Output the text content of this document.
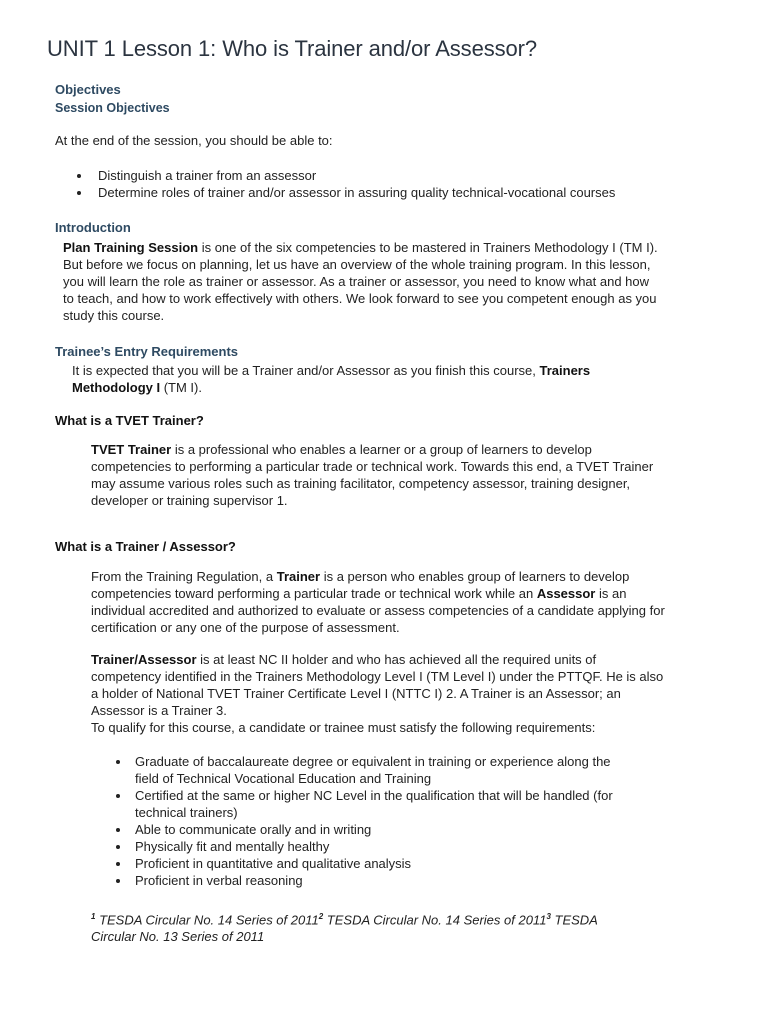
UNIT 1 Lesson 1: Who is Trainer and/or Assessor?
Objectives
Session Objectives
At the end of the session, you should be able to:
Distinguish a trainer from an assessor
Determine roles of trainer and/or assessor in assuring quality technical-vocational courses
Introduction
Plan Training Session is one of the six competencies to be mastered in Trainers Methodology I (TM I).
But before we focus on planning, let us have an overview of the whole training program. In this lesson,
you will learn the role as trainer or assessor. As a trainer or assessor, you need to know what and how
to teach, and how to work effectively with others. We look forward to see you competent enough as you
study this course.
Trainee’s Entry Requirements
It is expected that you will be a Trainer and/or Assessor as you finish this course, Trainers
Methodology I (TM I).
What is a TVET Trainer?
TVET Trainer is a professional who enables a learner or a group of learners to develop
competencies to performing a particular trade or technical work. Towards this end, a TVET Trainer
may assume various roles such as training facilitator, competency assessor, training designer,
developer or training supervisor 1.
What is a Trainer / Assessor?
From the Training Regulation, a Trainer is a person who enables group of learners to develop
competencies toward performing a particular trade or technical work while an Assessor is an
individual accredited and authorized to evaluate or assess competencies of a candidate applying for
certification or any one of the purpose of assessment.
Trainer/Assessor is at least NC II holder and who has achieved all the required units of
competency identified in the Trainers Methodology Level I (TM Level I) under the PTTQF. He is also
a holder of National TVET Trainer Certificate Level I (NTTC I) 2. A Trainer is an Assessor; an
Assessor is a Trainer 3.
To qualify for this course, a candidate or trainee must satisfy the following requirements:
Graduate of baccalaureate degree or equivalent in training or experience along the
field of Technical Vocational Education and Training
Certified at the same or higher NC Level in the qualification that will be handled (for
technical trainers)
Able to communicate orally and in writing
Physically fit and mentally healthy
Proficient in quantitative and qualitative analysis
Proficient in verbal reasoning
$^1$ TESDA Circular No. 14 Series of 2011$^2$ TESDA Circular No. 14 Series of 2011$^3$ TESDA
Circular No. 13 Series of 2011
